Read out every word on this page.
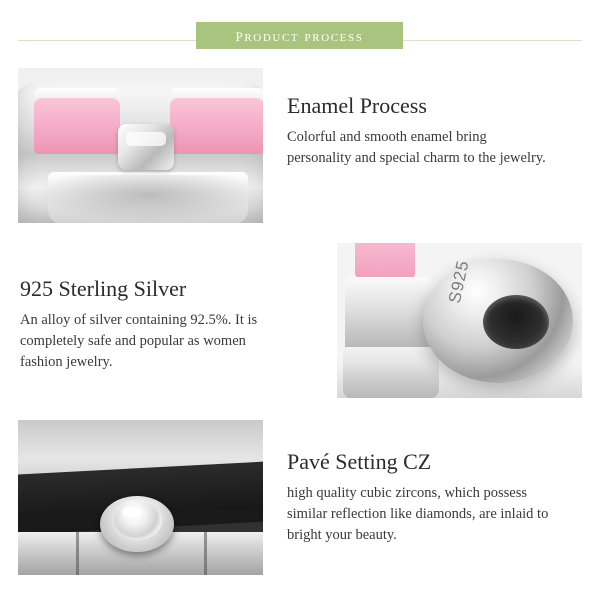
product process
Enamel Process

Colorful and smooth enamel bring personality and special charm to the jewelry.

S925
925 Sterling Silver

An alloy of silver containing 92.5%. It is completely safe and popular as women fashion jewelry.

Pavé Setting CZ

high quality cubic zircons, which possess similar reflection like diamonds, are inlaid to bright your beauty.
